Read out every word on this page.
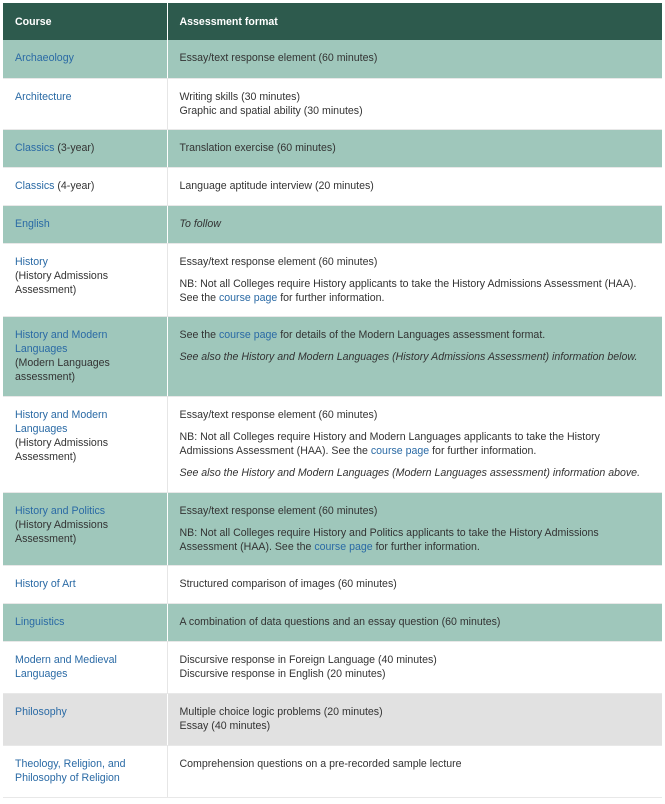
Course	Assessment format
Archaeology	Essay/text response element (60 minutes)

Architecture	Writing skills (30 minutes)
Graphic and spatial ability (30 minutes)

Classics (3-year)	Translation exercise (60 minutes)

Classics (4-year)	Language aptitude interview (20 minutes)

English	To follow

History
(History Admissions Assessment)	Essay/text response element (60 minutes)
NB: Not all Colleges require History applicants to take the History Admissions Assessment (HAA). See the course page for further information.

History and Modern Languages
(Modern Languages assessment)	See the course page for details of the Modern Languages assessment format.
See also the History and Modern Languages (History Admissions Assessment) information below.

History and Modern Languages
(History Admissions Assessment)	Essay/text response element (60 minutes)
NB: Not all Colleges require History and Modern Languages applicants to take the History Admissions Assessment (HAA). See the course page for further information.
See also the History and Modern Languages (Modern Languages assessment) information above.

History and Politics
(History Admissions Assessment)	Essay/text response element (60 minutes)
NB: Not all Colleges require History and Politics applicants to take the History Admissions Assessment (HAA). See the course page for further information.

History of Art	Structured comparison of images (60 minutes)

Linguistics	A combination of data questions and an essay question (60 minutes)

Modern and Medieval Languages	Discursive response in Foreign Language (40 minutes)
Discursive response in English (20 minutes)

Philosophy	Multiple choice logic problems (20 minutes)
Essay (40 minutes)

Theology, Religion, and Philosophy of Religion	Comprehension questions on a pre-recorded sample lecture
